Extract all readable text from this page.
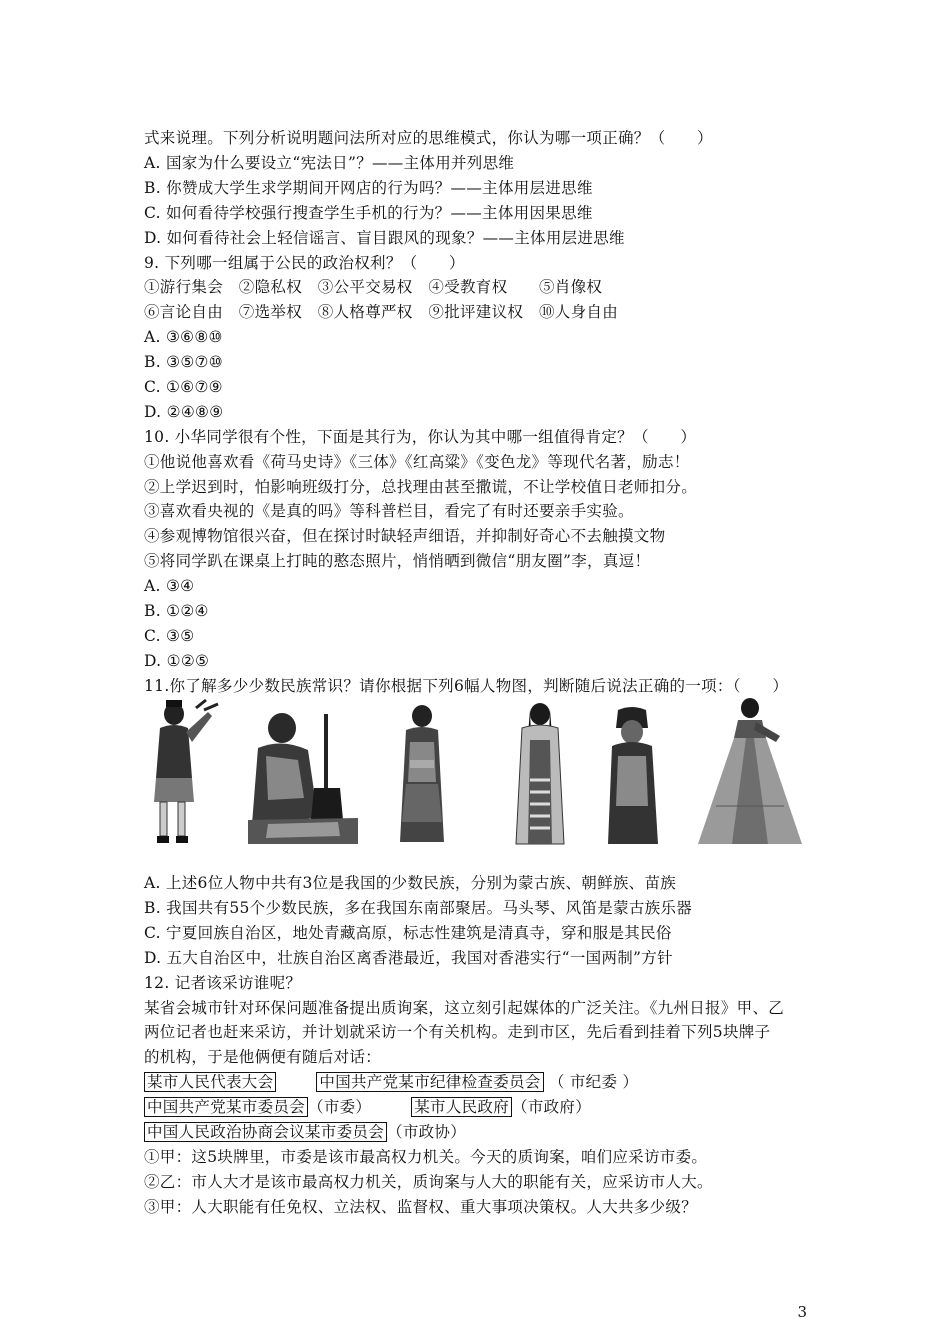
式来说理。下列分析说明题问法所对应的思维模式，你认为哪一项正确？（　　）
A. 国家为什么要设立“宪法日”？——主体用并列思维
B. 你赞成大学生求学期间开网店的行为吗？——主体用层进思维
C. 如何看待学校强行搜查学生手机的行为？——主体用因果思维
D. 如何看待社会上轻信谣言、盲目跟风的现象？——主体用层进思维
9. 下列哪一组属于公民的政治权利？（　　）
①游行集会　②隐私权　③公平交易权　④受教育权　　⑤肖像权
⑥言论自由　⑦选举权　⑧人格尊严权　⑨批评建议权　⑩人身自由
A. ③⑥⑧⑩
B. ③⑤⑦⑩
C. ①⑥⑦⑨
D. ②④⑧⑨
10. 小华同学很有个性，下面是其行为，你认为其中哪一组值得肯定？（　　）
①他说他喜欢看《荷马史诗》《三体》《红高粱》《变色龙》等现代名著，励志！
②上学迟到时，怕影响班级打分，总找理由甚至撒谎，不让学校值日老师扣分。
③喜欢看央视的《是真的吗》等科普栏目，看完了有时还要亲手实验。
④参观博物馆很兴奋，但在探讨时缺轻声细语，并抑制好奇心不去触摸文物
⑤将同学趴在课桌上打盹的憨态照片，悄悄晒到微信“朋友圈”李，真逗！
A. ③④
B. ①②④
C. ③⑤
D. ①②⑤
11.你了解多少少数民族常识？请你根据下列6幅人物图，判断随后说法正确的一项：（　　）
A. 上述6位人物中共有3位是我国的少数民族，分别为蒙古族、朝鲜族、苗族
B. 我国共有55个少数民族，多在我国东南部聚居。马头琴、风笛是蒙古族乐器
C. 宁夏回族自治区，地处青藏高原，标志性建筑是清真寺，穿和服是其民俗
D. 五大自治区中，壮族自治区离香港最近，我国对香港实行“一国两制”方针
12. 记者该采访谁呢？
某省会城市针对环保问题准备提出质询案，这立刻引起媒体的广泛关注。《九州日报》甲、乙
两位记者也赶来采访，并计划就采访一个有关机构。走到市区，先后看到挂着下列5块牌子
的机构，于是他俩便有随后对话：
某市人民代表大会	中国共产党某市纪律检查委员会 （ 市纪委 ）
中国共产党某市委员会 （市委）	某市人民政府 （市政府）
中国人民政治协商会议某市委员会 （市政协）
①甲：这5块牌里，市委是该市最高权力机关。今天的质询案，咱们应采访市委。
②乙：市人大才是该市最高权力机关，质询案与人大的职能有关，应采访市人大。
③甲：人大职能有任免权、立法权、监督权、重大事项决策权。人大共多少级？
3
